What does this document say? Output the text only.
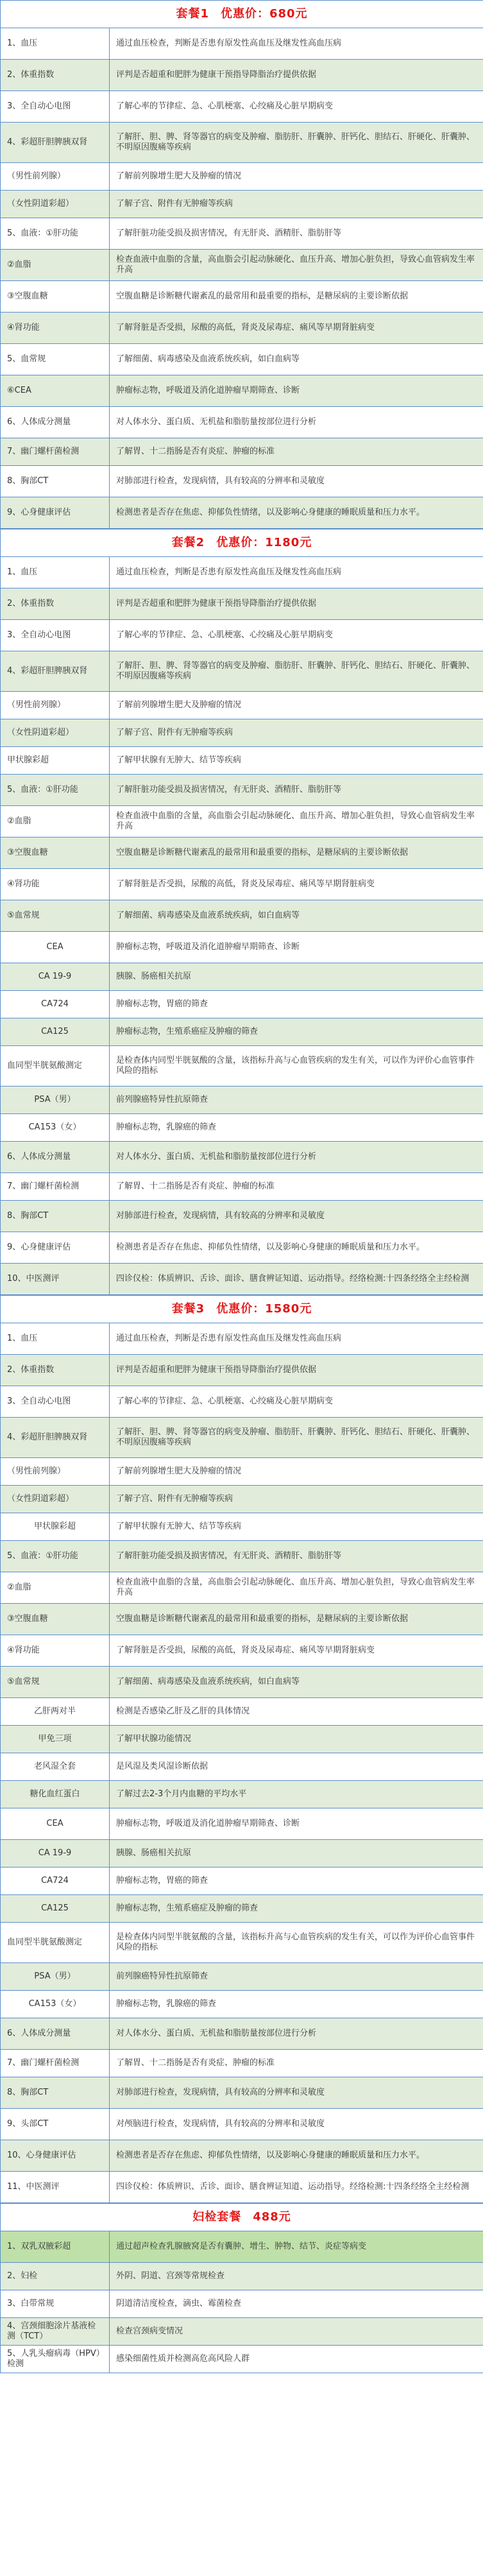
套餐1 优惠价：680元	
1、血压	通过血压检查，判断是否患有原发性高血压及继发性高血压病
2、体重指数	评判是否超重和肥胖为健康干预指导降脂治疗提供依据
3、全自动心电图	了解心率的节律症、急、心肌梗塞、心绞痛及心脏早期病变
4、彩超肝胆脾胰双肾	了解肝、胆、脾、肾等器官的病变及肿瘤、脂肪肝、肝囊肿、肝钙化、胆结石、肝硬化、肝囊肿、不明原因腹痛等疾病
（男性前列腺）	了解前列腺增生肥大及肿瘤的情况
（女性阴道彩超）	了解子宫、附件有无肿瘤等疾病
5、血液：①肝功能	了解肝脏功能受损及损害情况，有无肝炎、酒精肝、脂肪肝等
②血脂	检查血液中血脂的含量，高血脂会引起动脉硬化、血压升高、增加心脏负担，导致心血管病发生率升高
③空腹血糖	空腹血糖是诊断糖代谢紊乱的最常用和最重要的指标，是糖尿病的主要诊断依据
④肾功能	了解肾脏是否受损，尿酸的高低，肾炎及尿毒症、痛风等早期肾脏病变
5、血常规	了解细菌、病毒感染及血液系统疾病，如白血病等
⑥CEA	肿瘤标志物，呼吸道及消化道肿瘤早期筛查、诊断
6、人体成分测量	对人体水分、蛋白质、无机盐和脂肪量按部位进行分析
7、幽门螺杆菌检测	了解胃、十二指肠是否有炎症、肿瘤的标准
8、胸部CT	对肺部进行检查，发现病情，具有较高的分辨率和灵敏度
9、心身健康评估	检测患者是否存在焦虑、抑郁负性情绪，以及影响心身健康的睡眠质量和压力水平。
套餐2 优惠价：1180元	
1、血压	通过血压检查，判断是否患有原发性高血压及继发性高血压病
2、体重指数	评判是否超重和肥胖为健康干预指导降脂治疗提供依据
3、全自动心电图	了解心率的节律症、急、心肌梗塞、心绞痛及心脏早期病变
4、彩超肝胆脾胰双肾	了解肝、胆、脾、肾等器官的病变及肿瘤、脂肪肝、肝囊肿、肝钙化、胆结石、肝硬化、肝囊肿、不明原因腹痛等疾病
（男性前列腺）	了解前列腺增生肥大及肿瘤的情况
（女性阴道彩超）	了解子宫、附件有无肿瘤等疾病
甲状腺彩超	了解甲状腺有无肿大、结节等疾病
5、血液：①肝功能	了解肝脏功能受损及损害情况，有无肝炎、酒精肝、脂肪肝等
②血脂	检查血液中血脂的含量，高血脂会引起动脉硬化、血压升高、增加心脏负担，导致心血管病发生率升高
③空腹血糖	空腹血糖是诊断糖代谢紊乱的最常用和最重要的指标，是糖尿病的主要诊断依据
④肾功能	了解肾脏是否受损，尿酸的高低，肾炎及尿毒症、痛风等早期肾脏病变
⑤血常规	了解细菌、病毒感染及血液系统疾病，如白血病等
CEA	肿瘤标志物，呼吸道及消化道肿瘤早期筛查、诊断
CA 19-9	胰腺、肠癌相关抗原
CA724	肿瘤标志物，胃癌的筛查
CA125	肿瘤标志物，生殖系癌症及肿瘤的筛查
血同型半胱氨酸测定	是检查体内同型半胱氨酸的含量，该指标升高与心血管疾病的发生有关，可以作为评价心血管事件风险的指标
PSA（男）	前列腺癌特异性抗原筛查
CA153（女）	肿瘤标志物，乳腺癌的筛查
6、人体成分测量	对人体水分、蛋白质、无机盐和脂肪量按部位进行分析
7、幽门螺杆菌检测	了解胃、十二指肠是否有炎症、肿瘤的标准
8、胸部CT	对肺部进行检查，发现病情，具有较高的分辨率和灵敏度
9、心身健康评估	检测患者是否存在焦虑、抑郁负性情绪，以及影响心身健康的睡眠质量和压力水平。
10、中医测评	四诊仪检：体质辨识、舌诊、面诊、膳食辨证知道、运动指导。经络检测:十四条经络全主经检测
套餐3 优惠价：1580元	
1、血压	通过血压检查，判断是否患有原发性高血压及继发性高血压病
2、体重指数	评判是否超重和肥胖为健康干预指导降脂治疗提供依据
3、全自动心电图	了解心率的节律症、急、心肌梗塞、心绞痛及心脏早期病变
4、彩超肝胆脾胰双肾	了解肝、胆、脾、肾等器官的病变及肿瘤、脂肪肝、肝囊肿、肝钙化、胆结石、肝硬化、肝囊肿、不明原因腹痛等疾病
（男性前列腺）	了解前列腺增生肥大及肿瘤的情况
（女性阴道彩超）	了解子宫、附件有无肿瘤等疾病
甲状腺彩超	了解甲状腺有无肿大、结节等疾病
5、血液：①肝功能	了解肝脏功能受损及损害情况，有无肝炎、酒精肝、脂肪肝等
②血脂	检查血液中血脂的含量，高血脂会引起动脉硬化、血压升高、增加心脏负担，导致心血管病发生率升高
③空腹血糖	空腹血糖是诊断糖代谢紊乱的最常用和最重要的指标，是糖尿病的主要诊断依据
④肾功能	了解肾脏是否受损，尿酸的高低，肾炎及尿毒症、痛风等早期肾脏病变
⑤血常规	了解细菌、病毒感染及血液系统疾病，如白血病等
乙肝两对半	检测是否感染乙肝及乙肝的具体情况
甲免三项	了解甲状腺功能情况
老风湿全套	是风湿及类风湿诊断依据
糖化血红蛋白	了解过去2-3个月内血糖的平均水平
CEA	肿瘤标志物，呼吸道及消化道肿瘤早期筛查、诊断
CA 19-9	胰腺、肠癌相关抗原
CA724	肿瘤标志物，胃癌的筛查
CA125	肿瘤标志物，生殖系癌症及肿瘤的筛查
血同型半胱氨酸测定	是检查体内同型半胱氨酸的含量，该指标升高与心血管疾病的发生有关，可以作为评价心血管事件风险的指标
PSA（男）	前列腺癌特异性抗原筛查
CA153（女）	肿瘤标志物，乳腺癌的筛查
6、人体成分测量	对人体水分、蛋白质、无机盐和脂肪量按部位进行分析
7、幽门螺杆菌检测	了解胃、十二指肠是否有炎症、肿瘤的标准
8、胸部CT	对肺部进行检查，发现病情，具有较高的分辨率和灵敏度
9、头部CT	对颅脑进行检查，发现病情，具有较高的分辨率和灵敏度
10、心身健康评估	检测患者是否存在焦虑、抑郁负性情绪，以及影响心身健康的睡眠质量和压力水平。
11、中医测评	四诊仪检：体质辨识、舌诊、面诊、膳食辨证知道、运动指导。经络检测:十四条经络全主经检测
妇检套餐 488元	
1、双乳双腋彩超	通过超声检查乳腺腋窝是否有囊肿、增生、肿物、结节、炎症等病变
2、妇检	外阴、阴道、宫颈等常规检查
3、白带常规	阴道清洁度检查，滴虫、霉菌检查
4、宫颈细胞涂片基液检测（TCT）	检查宫颈病变情况
5、人乳头瘤病毒（HPV）检测	感染细菌性质并检测高危高风险人群
